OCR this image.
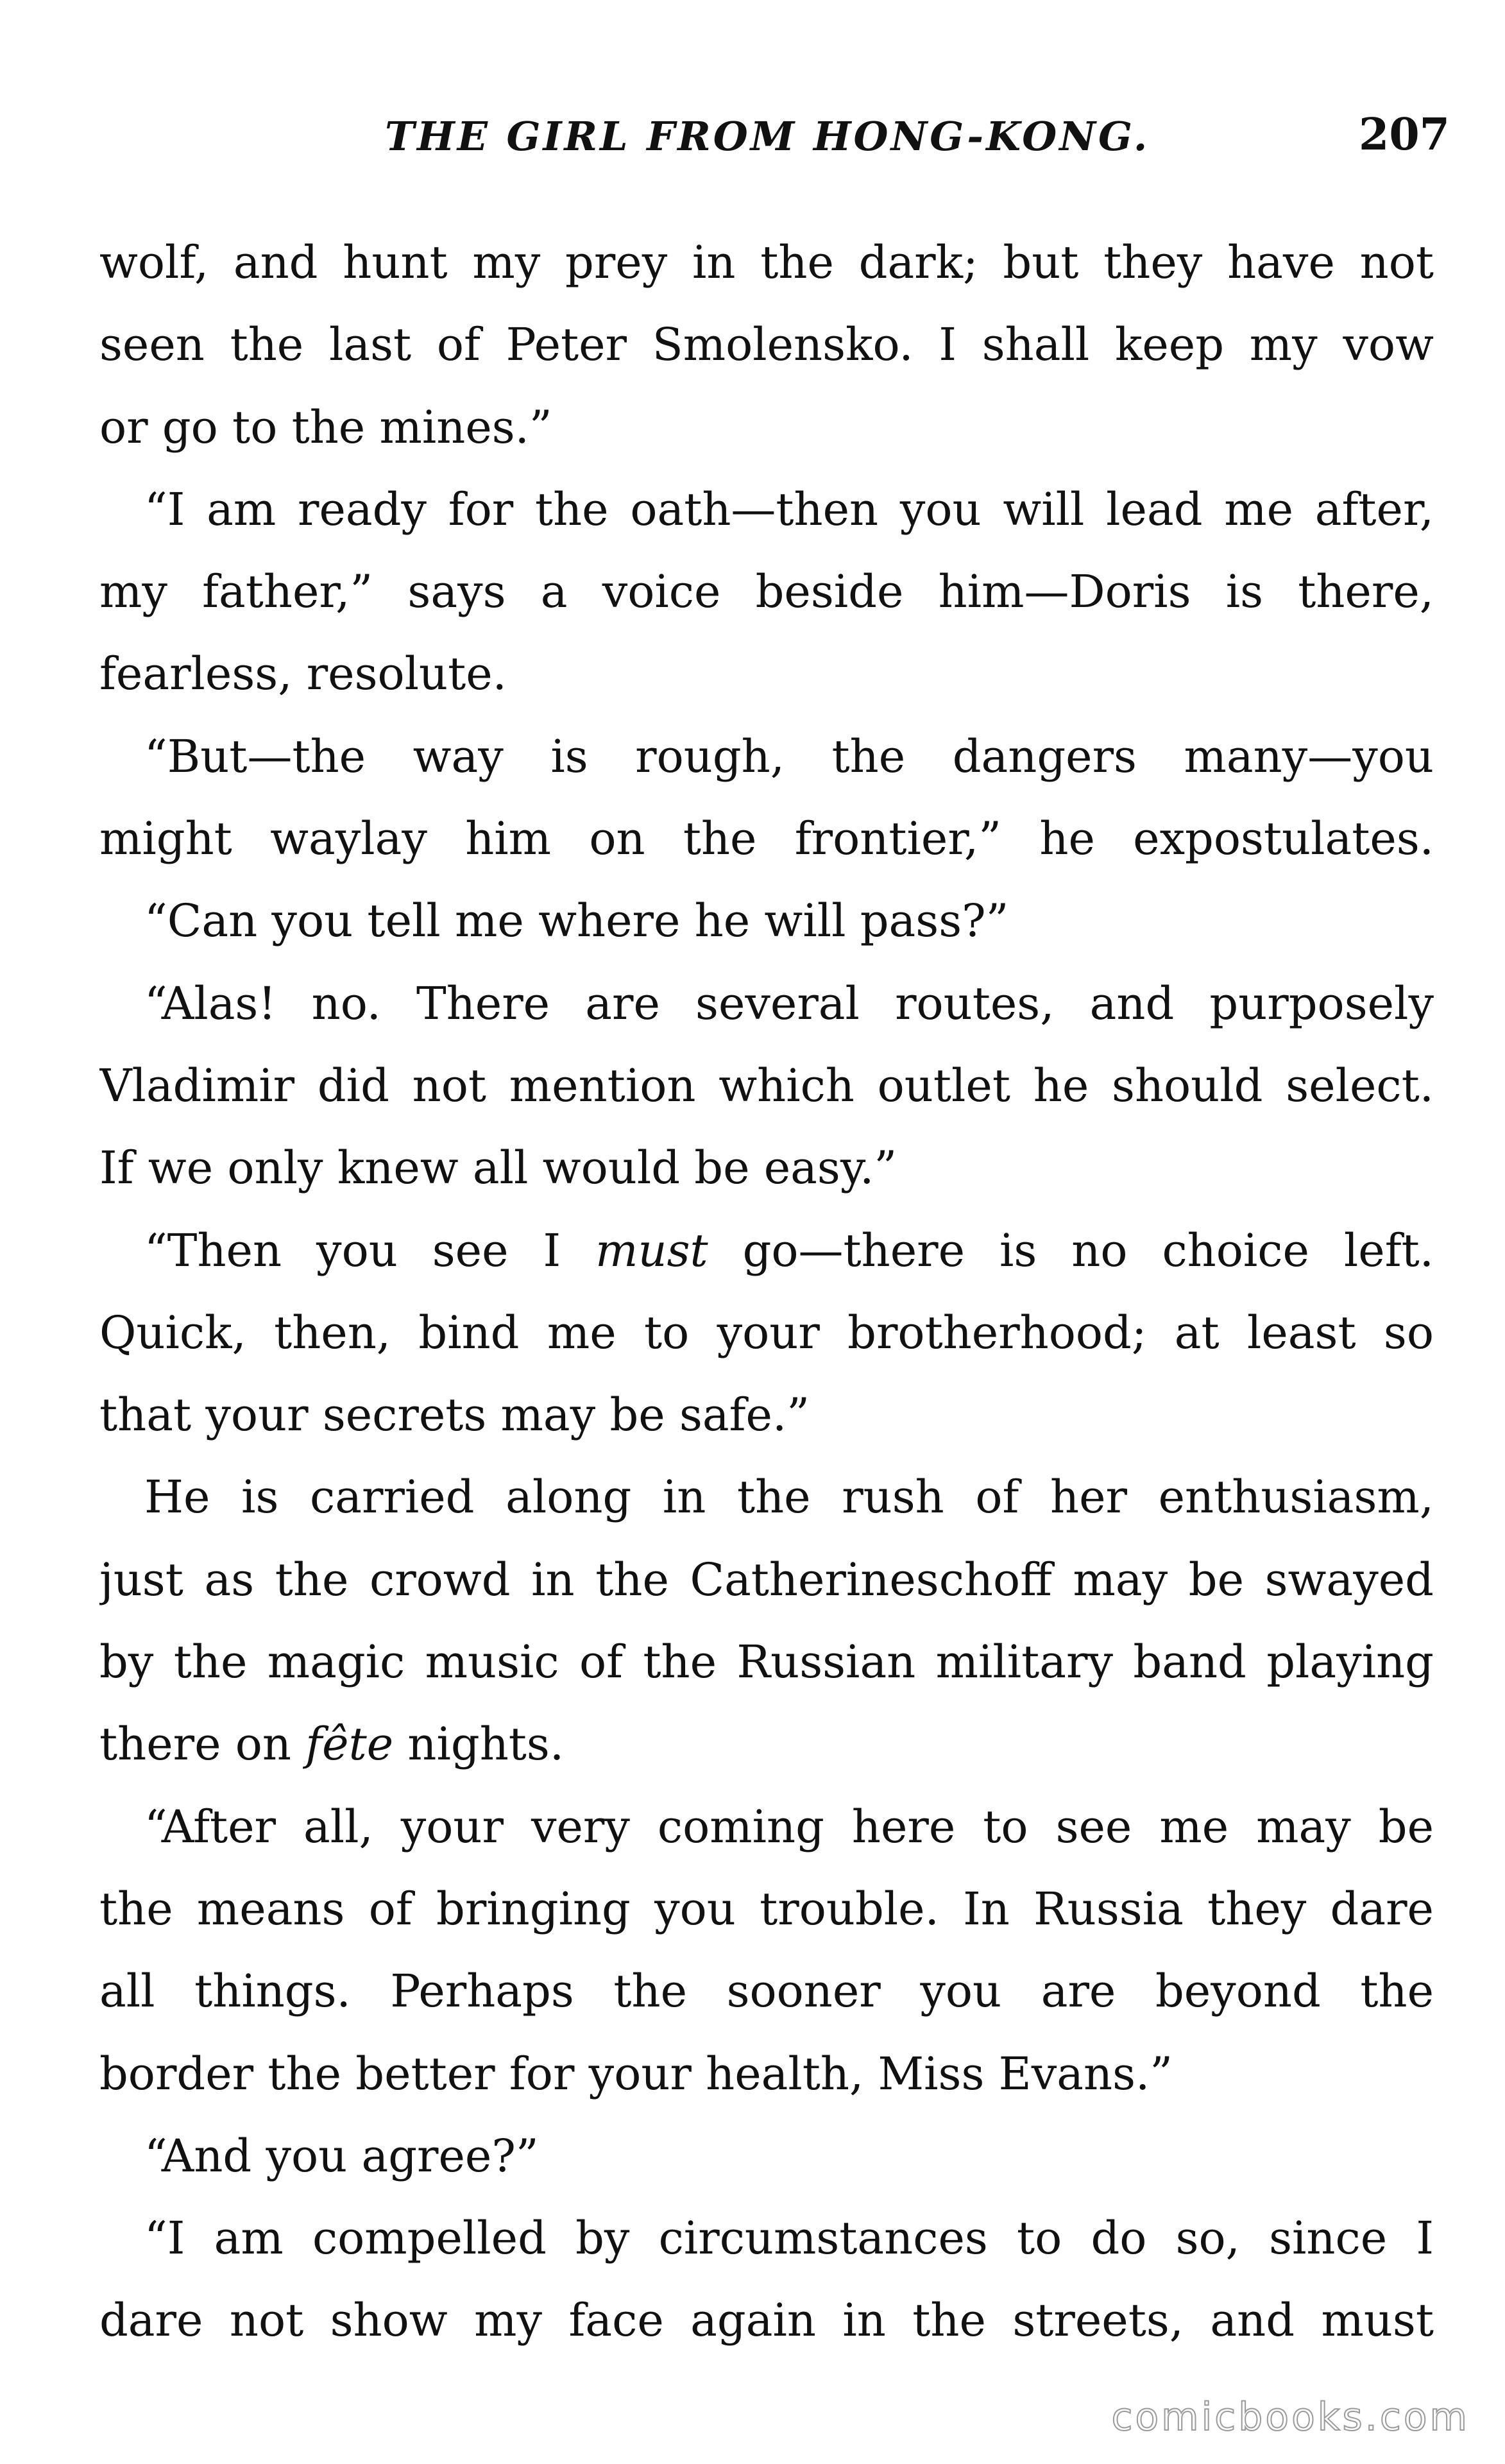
THE GIRL FROM HONG-KONG.	207
wolf, and hunt my prey in the dark; but they have not
seen the last of Peter Smolensko. I shall keep my vow
or go to the mines.”
“I am ready for the oath—then you will lead me after,
my father,” says a voice beside him—Doris is there,
fearless, resolute.
“But—the way is rough, the dangers many—you
might waylay him on the frontier,” he expostulates.
“Can you tell me where he will pass?”
“Alas! no. There are several routes, and purposely
Vladimir did not mention which outlet he should select.
If we only knew all would be easy.”
“Then you see I must go—there is no choice left.
Quick, then, bind me to your brotherhood; at least so
that your secrets may be safe.”
He is carried along in the rush of her enthusiasm,
just as the crowd in the Catherineschoff may be swayed
by the magic music of the Russian military band playing
there on fête nights.
“After all, your very coming here to see me may be
the means of bringing you trouble. In Russia they dare
all things. Perhaps the sooner you are beyond the
border the better for your health, Miss Evans.”
“And you agree?”
“I am compelled by circumstances to do so, since I
dare not show my face again in the streets, and must
comicbooks.com
